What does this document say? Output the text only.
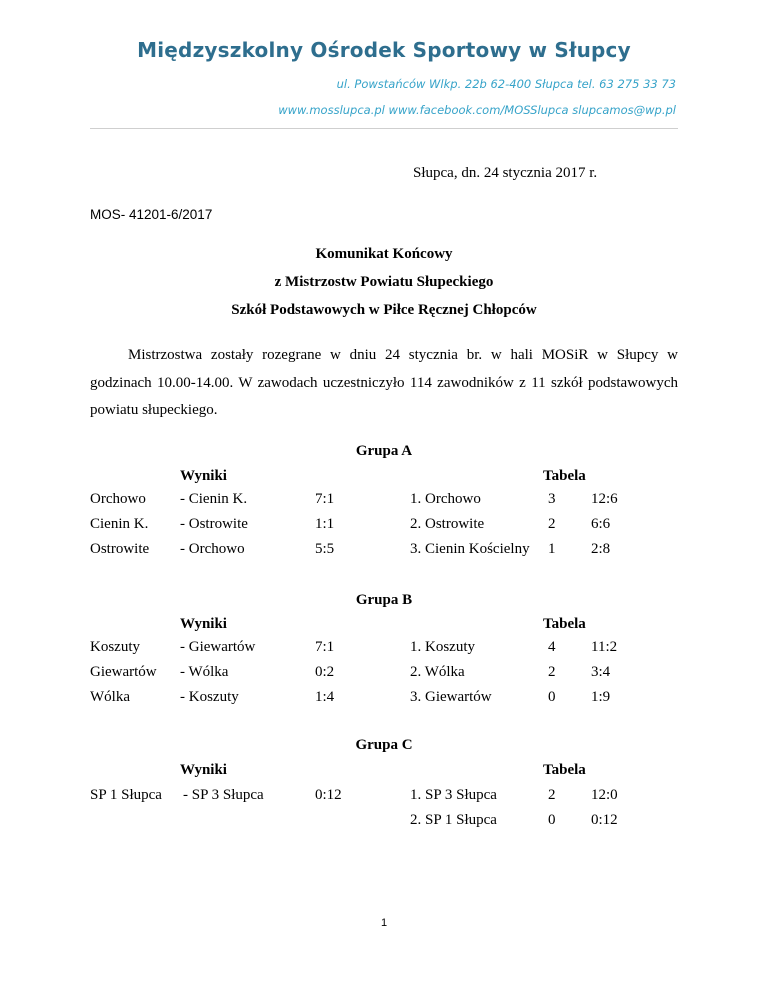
Międzyszkolny Ośrodek Sportowy w Słupcy
ul. Powstańców Wlkp. 22b 62-400 Słupca tel. 63 275 33 73
www.mosslupca.pl www.facebook.com/MOSSlupca slupcamos@wp.pl
Słupca, dn. 24 stycznia 2017 r.
MOS- 41201-6/2017
Komunikat Końcowy
z Mistrzostw Powiatu Słupeckiego
Szkół Podstawowych w Piłce Ręcznej Chłopców
Mistrzostwa zostały rozegrane w dniu 24 stycznia br. w hali MOSiR w Słupcy w godzinach 10.00-14.00. W zawodach uczestniczyło 114 zawodników z 11 szkół podstawowych powiatu słupeckiego.
Grupa A
Wyniki	Tabela
Orchowo - Cienin K.	7:1	1. Orchowo	3 12:6
Cienin K. - Ostrowite	1:1	2. Ostrowite	2 6:6
Ostrowite - Orchowo	5:5	3. Cienin Kościelny 1 2:8
Grupa B
Wyniki	Tabela
Koszuty	- Giewartów	7:1	1. Koszuty	4 11:2
Giewartów - Wólka	0:2	2. Wólka	2 3:4
Wólka	- Koszuty	1:4	3. Giewartów	0 1:9
Grupa C
Wyniki	Tabela
SP 1 Słupca - SP 3 Słupca	0:12	1. SP 3 Słupca	2 12:0
2. SP 1 Słupca	0 0:12
1
